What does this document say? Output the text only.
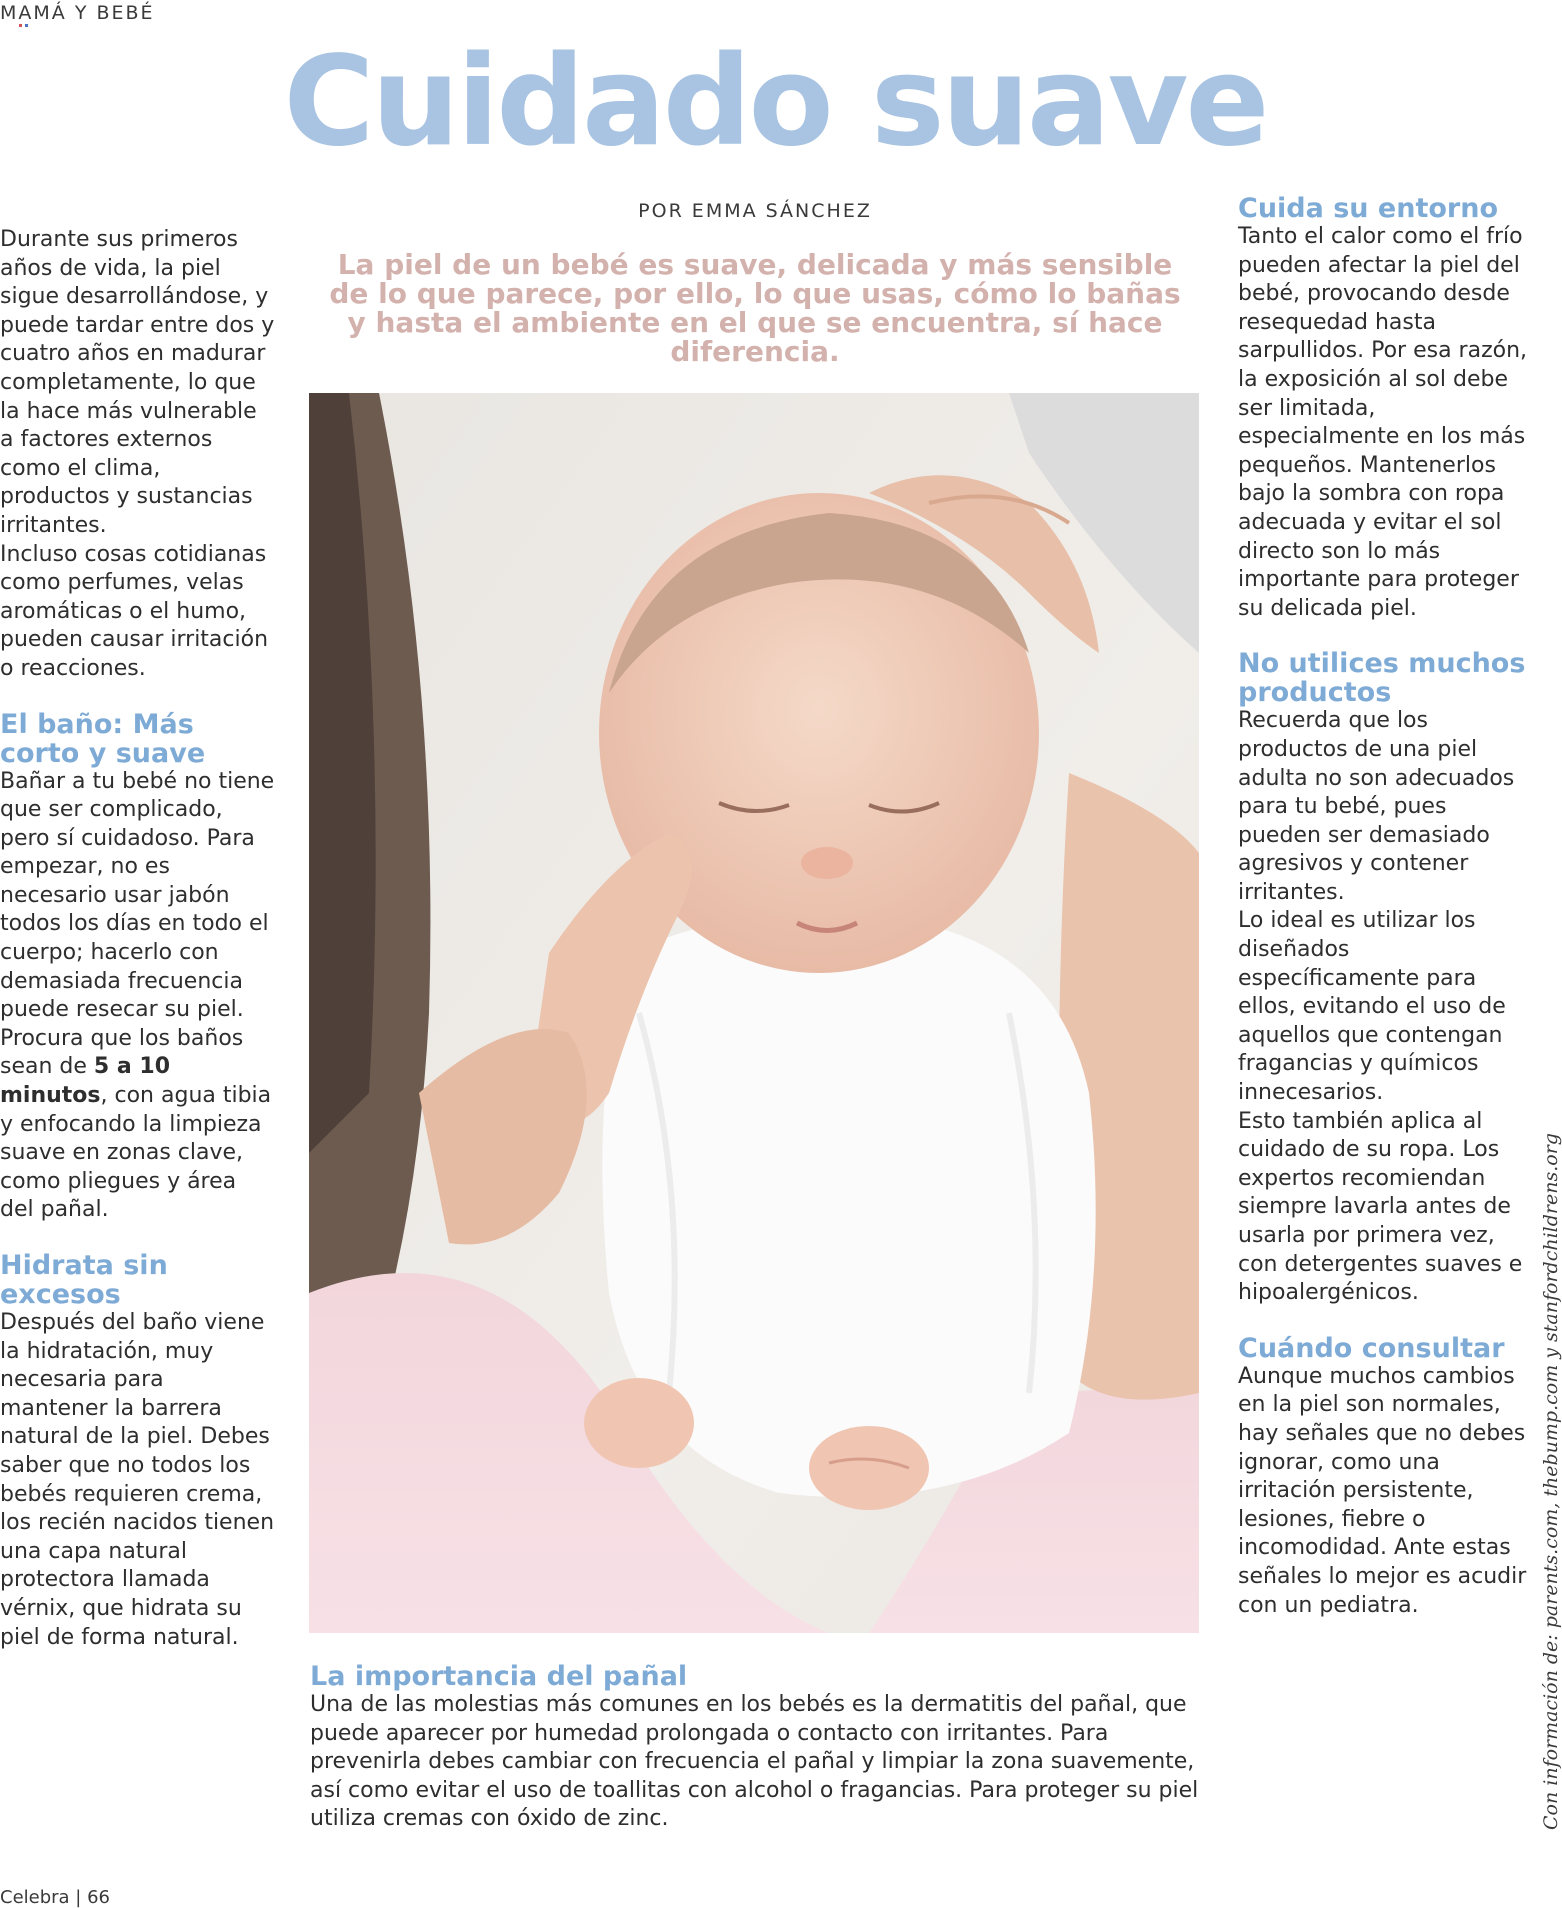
MAMÁ Y BEBÉ
Cuidado suave
POR EMMA SÁNCHEZ
La piel de un bebé es suave, delicada y más sensible de lo que parece, por ello, lo que usas, cómo lo bañas y hasta el ambiente en el que se encuentra, sí hace diferencia.

Durante sus primeros años de vida, la piel sigue desarrollándose, y puede tardar entre dos y cuatro años en madurar completamente, lo que la hace más vulnerable a factores externos como el clima, productos y sustancias irritantes.

Incluso cosas cotidianas como perfumes, velas aromáticas o el humo, pueden causar irritación o reacciones.

El baño: Más corto y suave

Bañar a tu bebé no tiene que ser complicado, pero sí cuidadoso. Para empezar, no es necesario usar jabón todos los días en todo el cuerpo; hacerlo con demasiada frecuencia puede resecar su piel. Procura que los baños sean de 5 a 10 minutos, con agua tibia y enfocando la limpieza suave en zonas clave, como pliegues y área del pañal.

Hidrata sin excesos

Después del baño viene la hidratación, muy necesaria para mantener la barrera natural de la piel. Debes saber que no todos los bebés requieren crema, los recién nacidos tienen una capa natural protectora llamada vérnix, que hidrata su piel de forma natural.

La importancia del pañal

Una de las molestias más comunes en los bebés es la dermatitis del pañal, que puede aparecer por humedad prolongada o contacto con irritantes. Para prevenirla debes cambiar con frecuencia el pañal y limpiar la zona suavemente, así como evitar el uso de toallitas con alcohol o fragancias. Para proteger su piel utiliza cremas con óxido de zinc.

Cuida su entorno

Tanto el calor como el frío pueden afectar la piel del bebé, provocando desde resequedad hasta sarpullidos. Por esa razón, la exposición al sol debe ser limitada, especialmente en los más pequeños. Mantenerlos bajo la sombra con ropa adecuada y evitar el sol directo son lo más importante para proteger su delicada piel.

No utilices muchos productos

Recuerda que los productos de una piel adulta no son adecuados para tu bebé, pues pueden ser demasiado agresivos y contener irritantes.

Lo ideal es utilizar los diseñados específicamente para ellos, evitando el uso de aquellos que contengan fragancias y químicos innecesarios.

Esto también aplica al cuidado de su ropa. Los expertos recomiendan siempre lavarla antes de usarla por primera vez, con detergentes suaves e hipoalergénicos.

Cuándo consultar

Aunque muchos cambios en la piel son normales, hay señales que no debes ignorar, como una irritación persistente, lesiones, fiebre o incomodidad. Ante estas señales lo mejor es acudir con un pediatra.	Con información de: parents.com, thebump.com y stanfordchildrens.org
Celebra | 66
